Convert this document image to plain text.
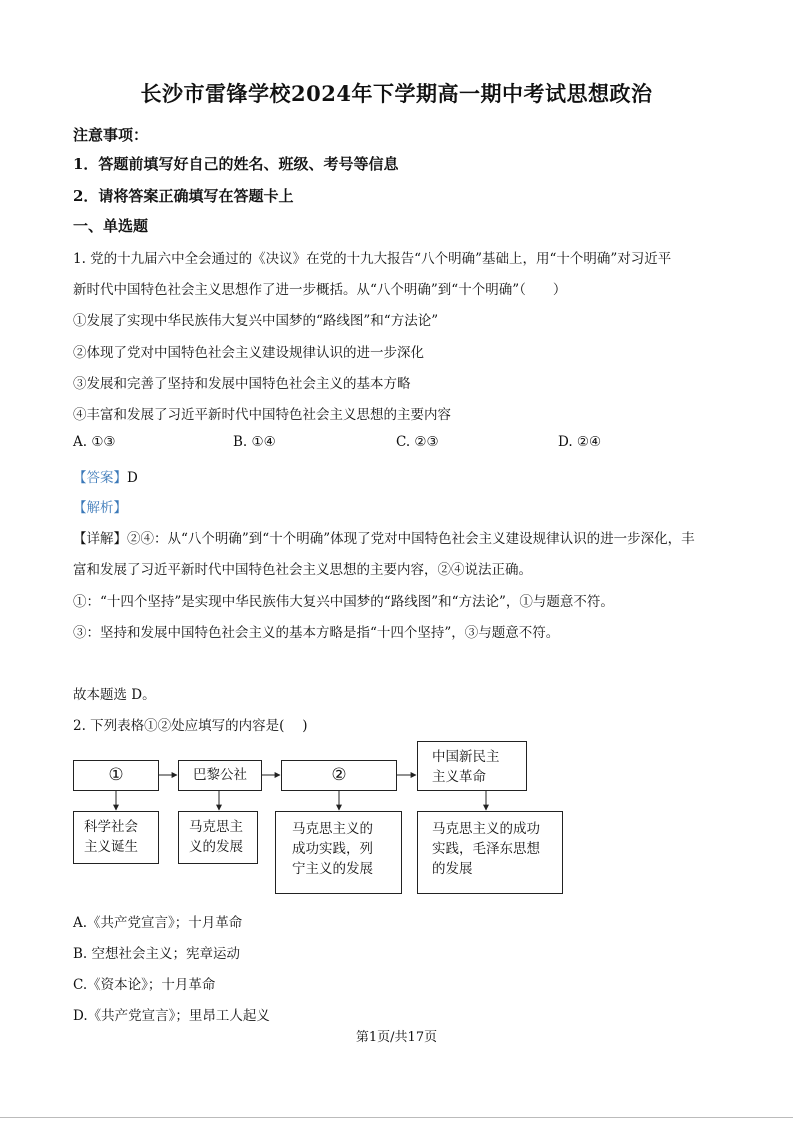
长沙市雷锋学校2024年下学期高一期中考试思想政治
注意事项：
1．答题前填写好自己的姓名、班级、考号等信息
2．请将答案正确填写在答题卡上
一、单选题
1. 党的十九届六中全会通过的《决议》在党的十九大报告“八个明确”基础上，用“十个明确”对习近平
新时代中国特色社会主义思想作了进一步概括。从“八个明确”到“十个明确”（　　）
①发展了实现中华民族伟大复兴中国梦的“路线图”和“方法论”
②体现了党对中国特色社会主义建设规律认识的进一步深化
③发展和完善了坚持和发展中国特色社会主义的基本方略
④丰富和发展了习近平新时代中国特色社会主义思想的主要内容
A. ①③	B. ①④	C. ②③	D. ②④
【答案】D
【解析】
【详解】②④：从“八个明确”到“十个明确”体现了党对中国特色社会主义建设规律认识的进一步深化，丰
富和发展了习近平新时代中国特色社会主义思想的主要内容，②④说法正确。
①：“十四个坚持”是实现中华民族伟大复兴中国梦的“路线图”和“方法论”，①与题意不符。
③：坚持和发展中国特色社会主义的基本方略是指“十四个坚持”，③与题意不符。
故本题选 D。
2. 下列表格①②处应填写的内容是(　 )
①	巴黎公社	②
中国新民主主义革命
科学社会主义诞生
马克思主义的发展
马克思主义的成功实践，列宁主义的发展
马克思主义的成功实践，毛泽东思想的发展
A.《共产党宣言》；十月革命
B. 空想社会主义；宪章运动
C.《资本论》；十月革命
D.《共产党宣言》；里昂工人起义
第1页/共17页
